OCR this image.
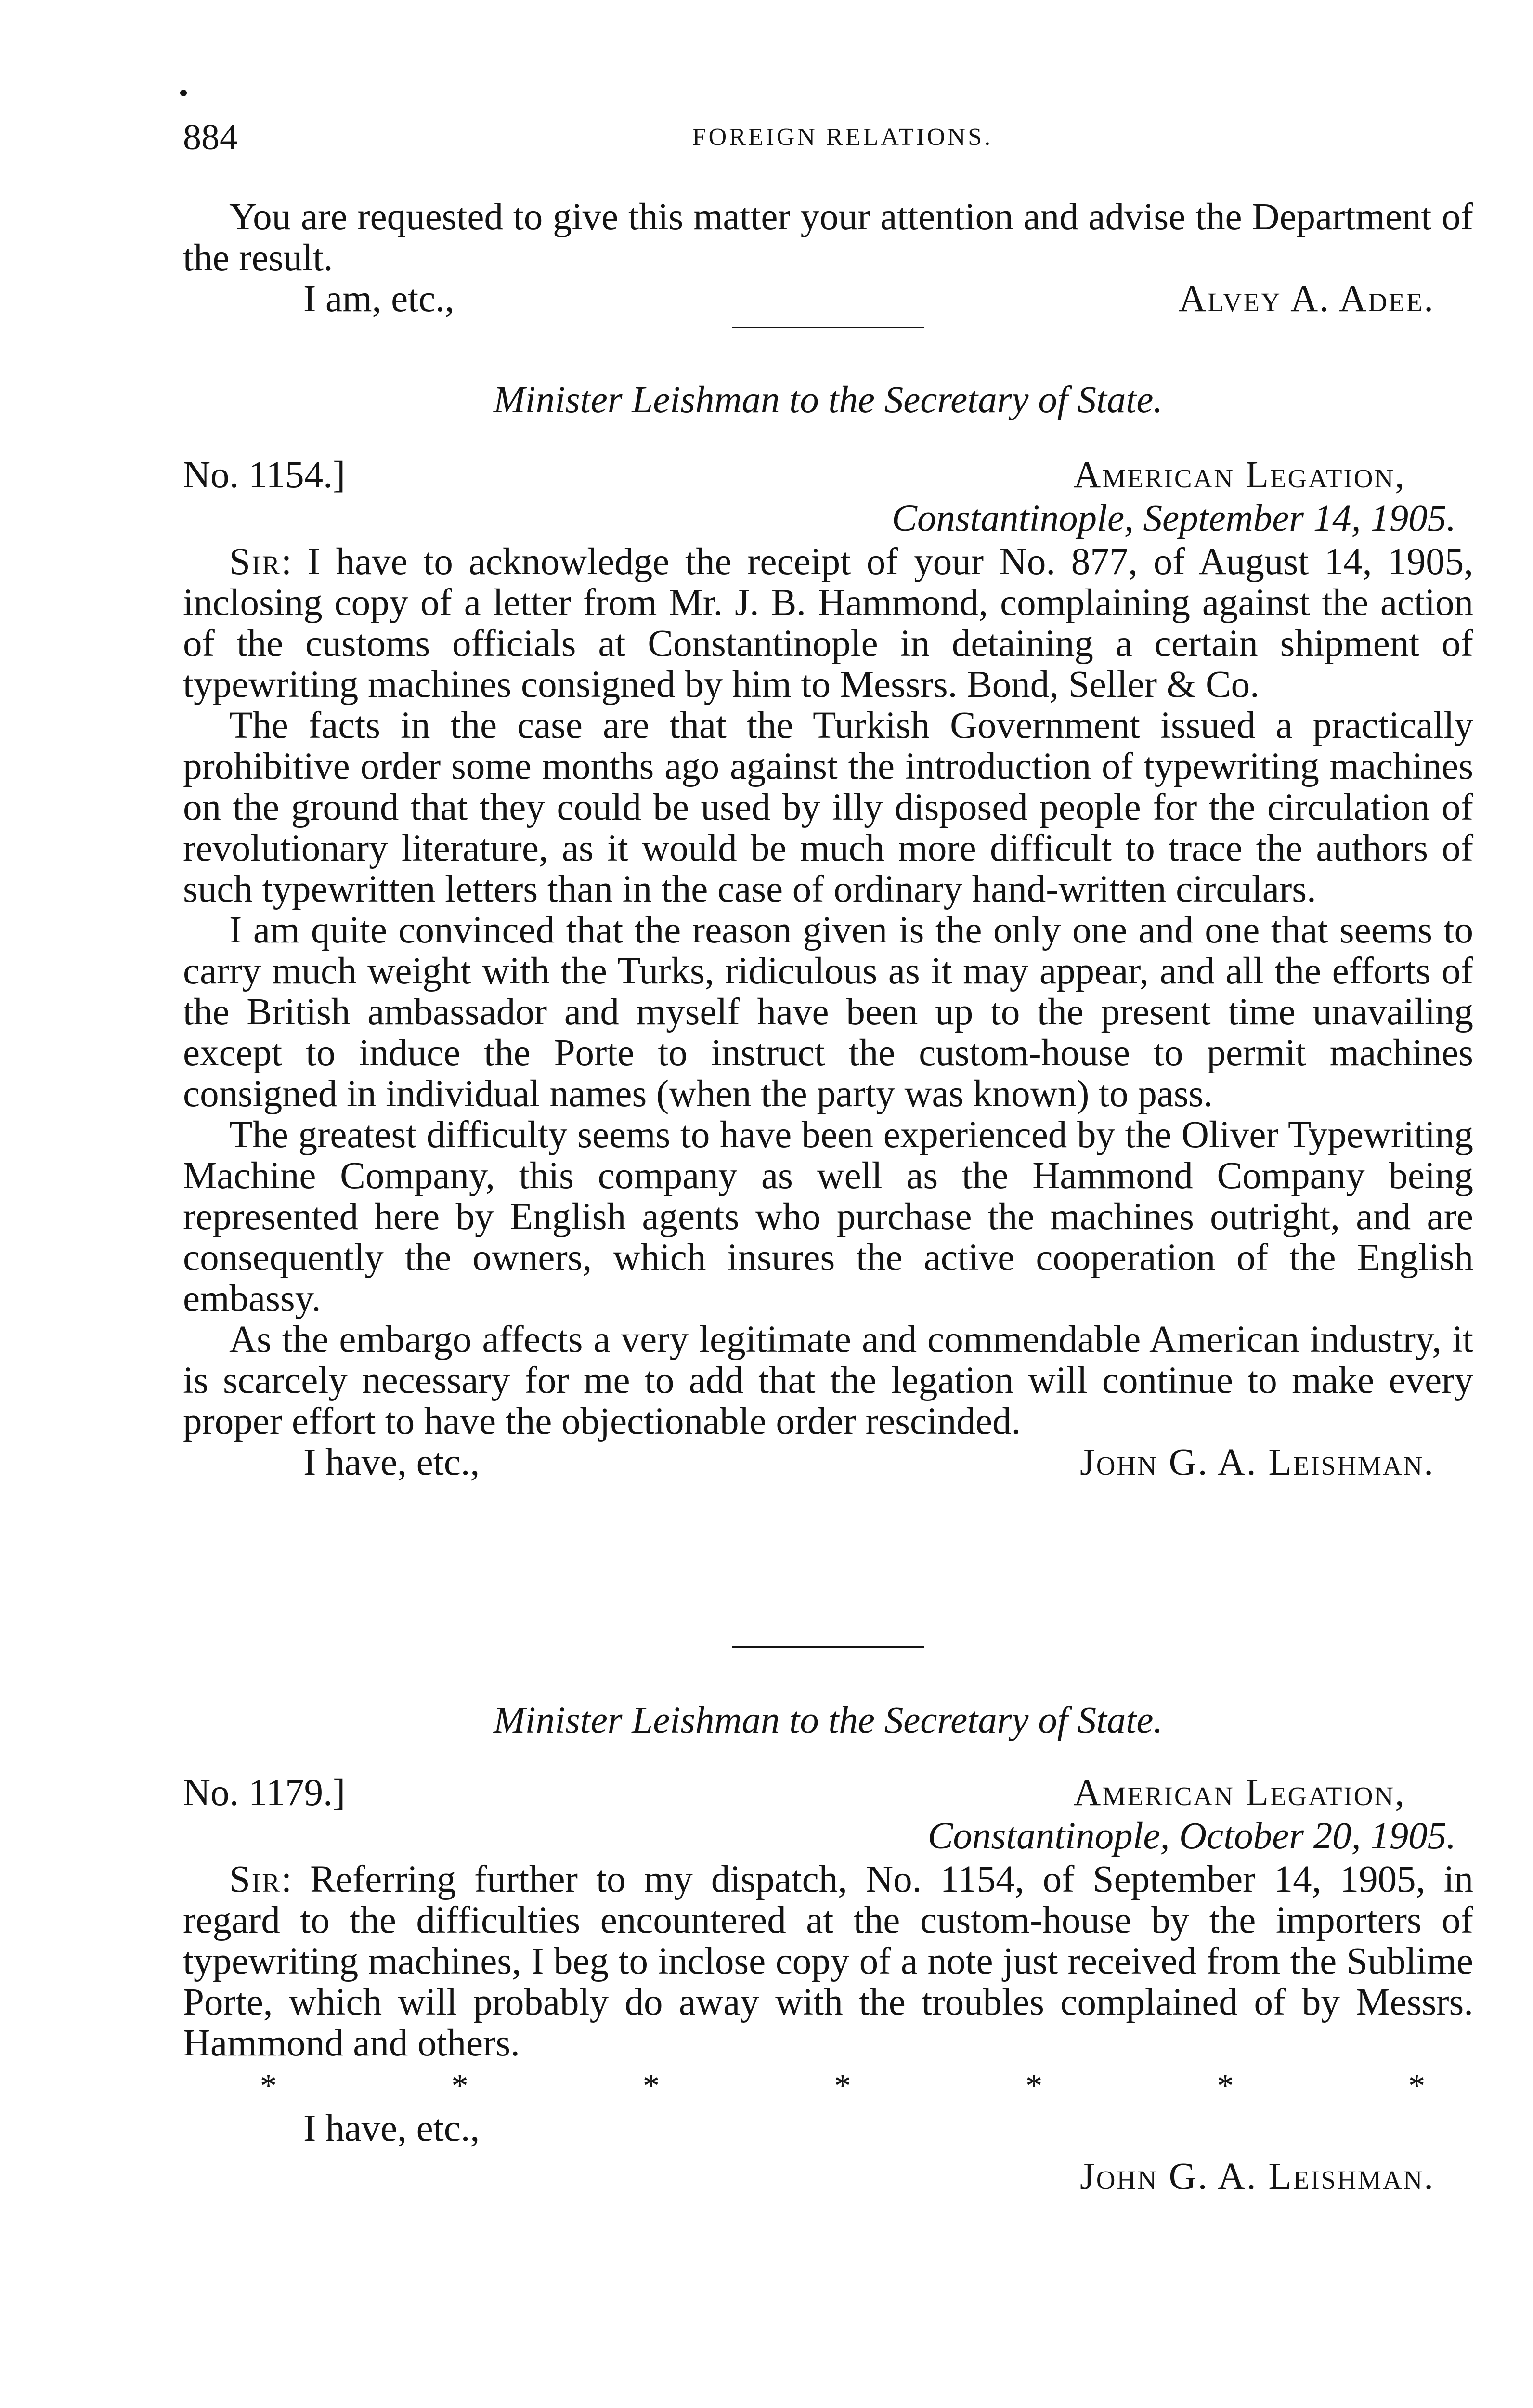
884	FOREIGN RELATIONS.

You are requested to give this matter your attention and advise the Department of the result.

I am, etc.,	Alvey A. Adee.
Minister Leishman to the Secretary of State.
No. 1154.]	American Legation,
Constantinople, September 14, 1905.

Sir: I have to acknowledge the receipt of your No. 877, of August 14, 1905, inclosing copy of a letter from Mr. J. B. Hammond, complaining against the action of the customs officials at Constantinople in detaining a certain shipment of typewriting machines consigned by him to Messrs. Bond, Seller & Co.

The facts in the case are that the Turkish Government issued a practically prohibitive order some months ago against the introduction of typewriting machines on the ground that they could be used by illy disposed people for the circulation of revolutionary literature, as it would be much more difficult to trace the authors of such typewritten letters than in the case of ordinary hand-written circulars.

I am quite convinced that the reason given is the only one and one that seems to carry much weight with the Turks, ridiculous as it may appear, and all the efforts of the British ambassador and myself have been up to the present time unavailing except to induce the Porte to instruct the custom-house to permit machines consigned in individual names (when the party was known) to pass.

The greatest difficulty seems to have been experienced by the Oliver Typewriting Machine Company, this company as well as the Hammond Company being represented here by English agents who purchase the machines outright, and are consequently the owners, which insures the active cooperation of the English embassy.

As the embargo affects a very legitimate and commendable American industry, it is scarcely necessary for me to add that the legation will continue to make every proper effort to have the objectionable order rescinded.

I have, etc.,	John G. A. Leishman.
Minister Leishman to the Secretary of State.
No. 1179.]	American Legation,
Constantinople, October 20, 1905.

Sir: Referring further to my dispatch, No. 1154, of September 14, 1905, in regard to the difficulties encountered at the custom-house by the importers of typewriting machines, I beg to inclose copy of a note just received from the Sublime Porte, which will probably do away with the troubles complained of by Messrs. Hammond and others.

*	*	*	*	*	*	*
I have, etc.,
John G. A. Leishman.
